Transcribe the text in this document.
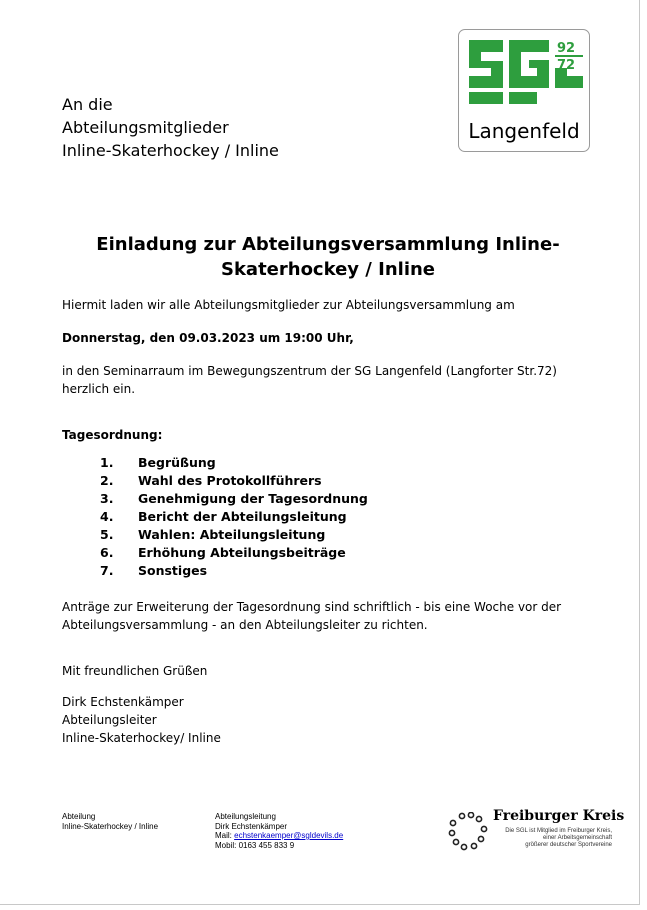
An die
Abteilungsmitglieder
Inline-Skaterhockey / Inline
92
72
Langenfeld
Einladung zur Abteilungsversammlung Inline-
Skaterhockey / Inline
Hiermit laden wir alle Abteilungsmitglieder zur Abteilungsversammlung am
Donnerstag, den 09.03.2023 um 19:00 Uhr,
in den Seminarraum im Bewegungszentrum der SG Langenfeld (Langforter Str.72)
herzlich ein.
Tagesordnung:
1. Begrüßung
2. Wahl des Protokollführers
3. Genehmigung der Tagesordnung
4. Bericht der Abteilungsleitung
5. Wahlen: Abteilungsleitung
6. Erhöhung Abteilungsbeiträge
7. Sonstiges
Anträge zur Erweiterung der Tagesordnung sind schriftlich - bis eine Woche vor der
Abteilungsversammlung - an den Abteilungsleiter zu richten.
Mit freundlichen Grüßen
Dirk Echstenkämper
Abteilungsleiter
Inline-Skaterhockey/ Inline
Abteilung
Inline-Skaterhockey / Inline
Abteilungsleitung
Dirk Echstenkämper
Mail: echstenkaemper@sgldevils.de
Mobil: 0163 455 833 9
Freiburger Kreis
Die SGL ist Mitglied im Freiburger Kreis,
einer Arbeitsgemeinschaft
größerer deutscher Sportvereine
